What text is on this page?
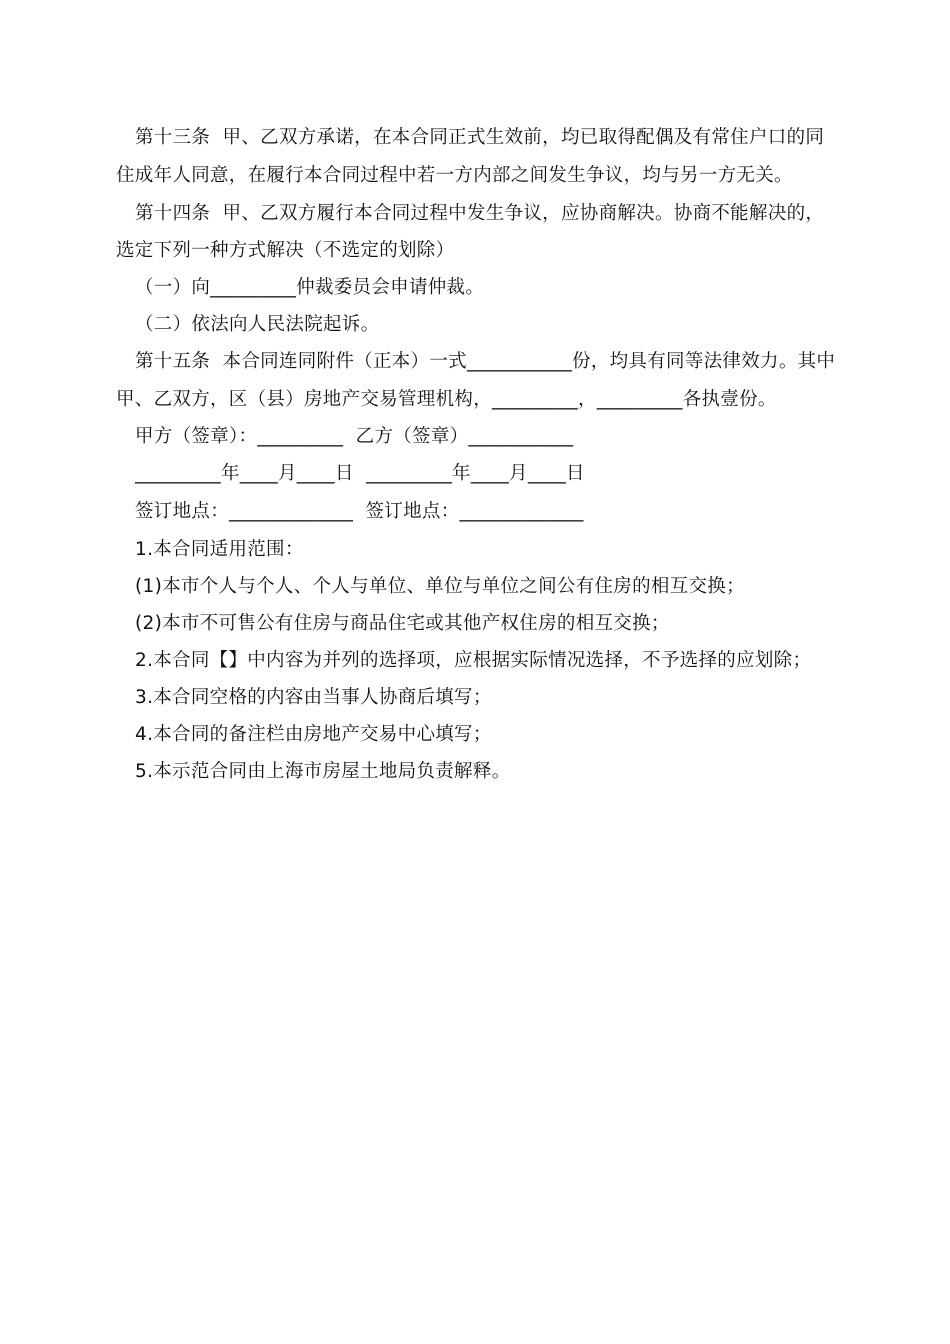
第十三条  甲、乙双方承诺，在本合同正式生效前，均已取得配偶及有常住户口的同
住成年人同意，在履行本合同过程中若一方内部之间发生争议，均与另一方无关。
第十四条  甲、乙双方履行本合同过程中发生争议，应协商解决。协商不能解决的，
选定下列一种方式解决（不选定的划除）
（一）向_________仲裁委员会申请仲裁。
（二）依法向人民法院起诉。
第十五条  本合同连同附件（正本）一式___________份，均具有同等法律效力。其中
甲、乙双方，区（县）房地产交易管理机构，_________，_________各执壹份。
甲方（签章）：_________  乙方（签章）___________
_________年____月____日  _________年____月____日
签订地点：_____________  签订地点：_____________
1.本合同适用范围：
(1)本市个人与个人、个人与单位、单位与单位之间公有住房的相互交换；
(2)本市不可售公有住房与商品住宅或其他产权住房的相互交换；
2.本合同【】中内容为并列的选择项，应根据实际情况选择，不予选择的应划除；
3.本合同空格的内容由当事人协商后填写；
4.本合同的备注栏由房地产交易中心填写；
5.本示范合同由上海市房屋土地局负责解释。
